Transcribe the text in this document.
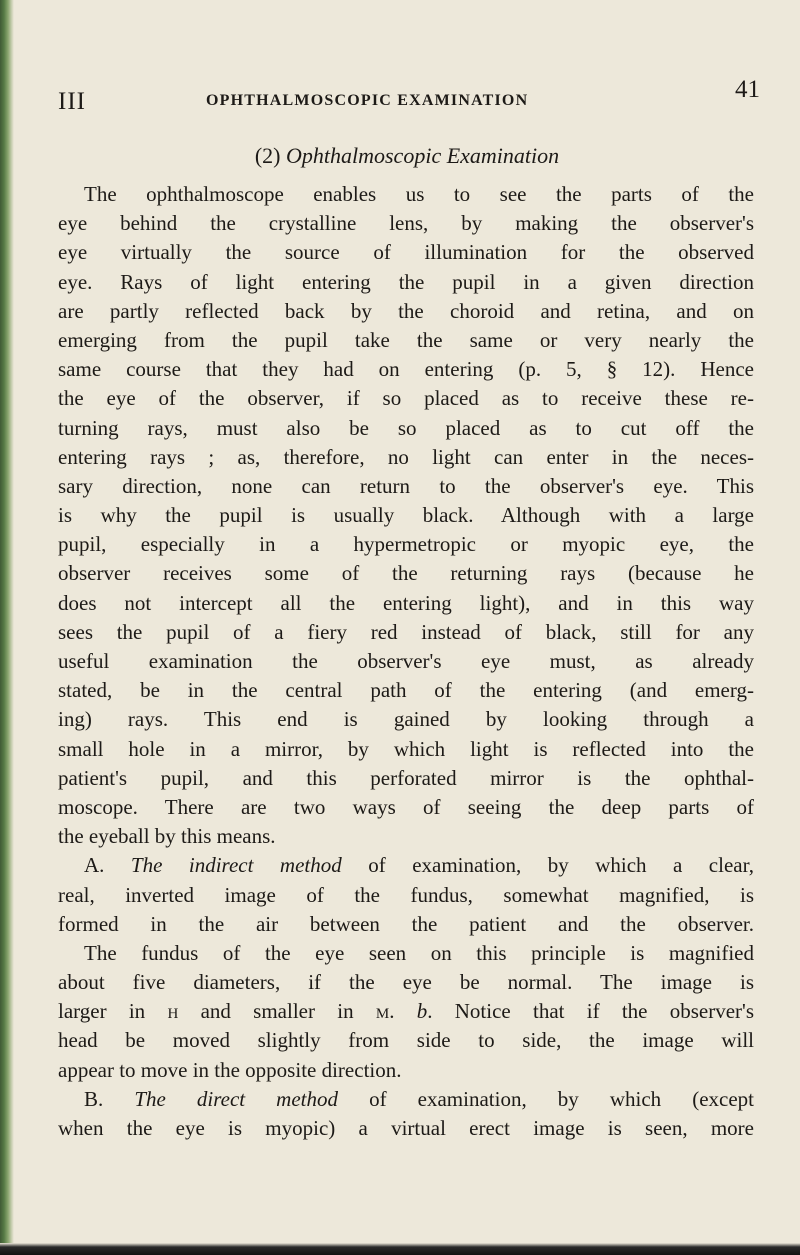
III	OPHTHALMOSCOPIC EXAMINATION	41
(2) Ophthalmoscopic Examination
The ophthalmoscope enables us to see the parts of the
eye behind the crystalline lens, by making the observer's
eye virtually the source of illumination for the observed
eye. Rays of light entering the pupil in a given direction
are partly reflected back by the choroid and retina, and on
emerging from the pupil take the same or very nearly the
same course that they had on entering (p. 5, § 12). Hence
the eye of the observer, if so placed as to receive these re-
turning rays, must also be so placed as to cut off the
entering rays ; as, therefore, no light can enter in the neces-
sary direction, none can return to the observer's eye. This
is why the pupil is usually black. Although with a large
pupil, especially in a hypermetropic or myopic eye, the
observer receives some of the returning rays (because he
does not intercept all the entering light), and in this way
sees the pupil of a fiery red instead of black, still for any
useful examination the observer's eye must, as already
stated, be in the central path of the entering (and emerg-
ing) rays. This end is gained by looking through a
small hole in a mirror, by which light is reflected into the
patient's pupil, and this perforated mirror is the ophthal-
moscope. There are two ways of seeing the deep parts of
the eyeball by this means.
A. The indirect method of examination, by which a clear,
real, inverted image of the fundus, somewhat magnified, is
formed in the air between the patient and the observer.
The fundus of the eye seen on this principle is magnified
about five diameters, if the eye be normal. The image is
larger in h and smaller in m. b. Notice that if the observer's
head be moved slightly from side to side, the image will
appear to move in the opposite direction.
B. The direct method of examination, by which (except
when the eye is myopic) a virtual erect image is seen, more
